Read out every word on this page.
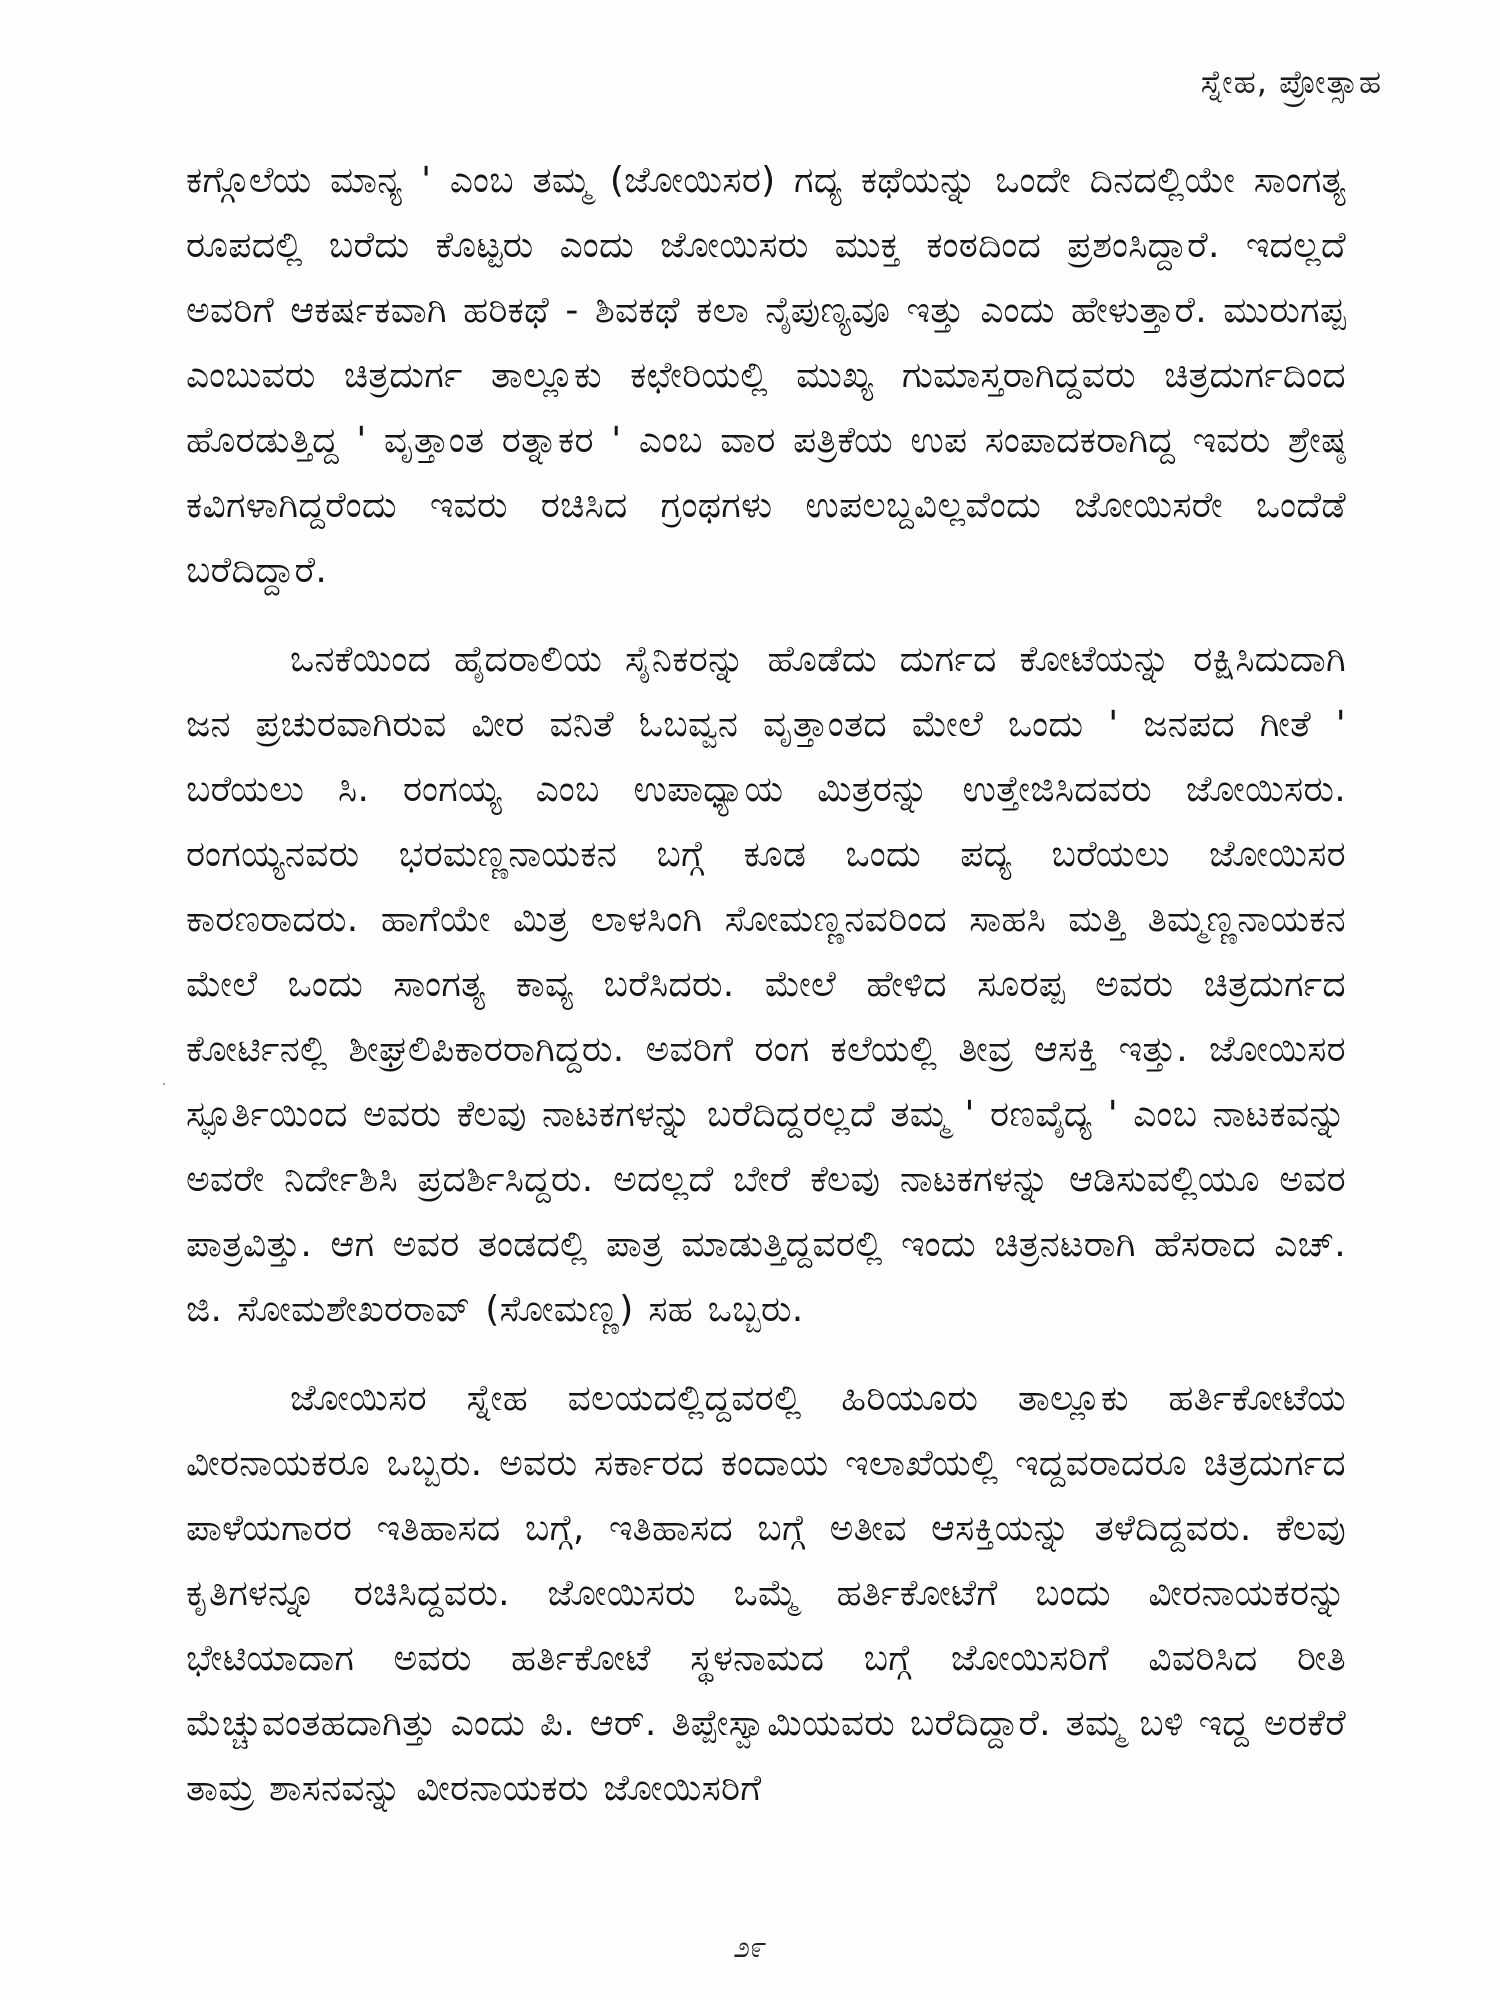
ಸ್ನೇಹ, ಪ್ರೋತ್ಸಾಹ

ಕಗ್ಗೊಲೆಯ ಮಾನ್ಯ ' ಎಂಬ ತಮ್ಮ (ಜೋಯಿಸರ) ಗದ್ಯ ಕಥೆಯನ್ನು ಒಂದೇ ದಿನದಲ್ಲಿಯೇ ಸಾಂಗತ್ಯ ರೂಪದಲ್ಲಿ ಬರೆದು ಕೊಟ್ಟರು ಎಂದು ಜೋಯಿಸರು ಮುಕ್ತ ಕಂಠದಿಂದ ಪ್ರಶಂಸಿದ್ದಾರೆ. ಇದಲ್ಲದೆ ಅವರಿಗೆ ಆಕರ್ಷಕವಾಗಿ ಹರಿಕಥೆ - ಶಿವಕಥೆ ಕಲಾ ನೈಪುಣ್ಯವೂ ಇತ್ತು ಎಂದು ಹೇಳುತ್ತಾರೆ. ಮುರುಗಪ್ಪ ಎಂಬುವರು ಚಿತ್ರದುರ್ಗ ತಾಲ್ಲೂಕು ಕಛೇರಿಯಲ್ಲಿ ಮುಖ್ಯ ಗುಮಾಸ್ತರಾಗಿದ್ದವರು ಚಿತ್ರದುರ್ಗದಿಂದ ಹೊರಡುತ್ತಿದ್ದ ' ವೃತ್ತಾಂತ ರತ್ನಾಕರ ' ಎಂಬ ವಾರ ಪತ್ರಿಕೆಯ ಉಪ ಸಂಪಾದಕರಾಗಿದ್ದ ಇವರು ಶ್ರೇಷ್ಠ ಕವಿಗಳಾಗಿದ್ದರೆಂದು ಇವರು ರಚಿಸಿದ ಗ್ರಂಥಗಳು ಉಪಲಬ್ದವಿಲ್ಲವೆಂದು ಜೋಯಿಸರೇ ಒಂದೆಡೆ ಬರೆದಿದ್ದಾರೆ.

ಒನಕೆಯಿಂದ ಹೈದರಾಲಿಯ ಸೈನಿಕರನ್ನು ಹೊಡೆದು ದುರ್ಗದ ಕೋಟೆಯನ್ನು ರಕ್ಷಿಸಿದುದಾಗಿ ಜನ ಪ್ರಚುರವಾಗಿರುವ ವೀರ ವನಿತೆ ಓಬವ್ವನ ವೃತ್ತಾಂತದ ಮೇಲೆ ಒಂದು ' ಜನಪದ ಗೀತೆ ' ಬರೆಯಲು ಸಿ. ರಂಗಯ್ಯ ಎಂಬ ಉಪಾಧ್ಯಾಯ ಮಿತ್ರರನ್ನು ಉತ್ತೇಜಿಸಿದವರು ಜೋಯಿಸರು. ರಂಗಯ್ಯನವರು ಭರಮಣ್ಣನಾಯಕನ ಬಗ್ಗೆ ಕೂಡ ಒಂದು ಪದ್ಯ ಬರೆಯಲು ಜೋಯಿಸರ ಕಾರಣರಾದರು. ಹಾಗೆಯೇ ಮಿತ್ರ ಲಾಳಸಿಂಗಿ ಸೋಮಣ್ಣನವರಿಂದ ಸಾಹಸಿ ಮತ್ತಿ ತಿಮ್ಮಣ್ಣನಾಯಕನ ಮೇಲೆ ಒಂದು ಸಾಂಗತ್ಯ ಕಾವ್ಯ ಬರೆಸಿದರು. ಮೇಲೆ ಹೇಳಿದ ಸೂರಪ್ಪ ಅವರು ಚಿತ್ರದುರ್ಗದ ಕೋರ್ಟಿನಲ್ಲಿ ಶೀಘ್ರಲಿಪಿಕಾರರಾಗಿದ್ದರು. ಅವರಿಗೆ ರಂಗ ಕಲೆಯಲ್ಲಿ ತೀವ್ರ ಆಸಕ್ತಿ ಇತ್ತು. ಜೋಯಿಸರ ಸ್ಫೂರ್ತಿಯಿಂದ ಅವರು ಕೆಲವು ನಾಟಕಗಳನ್ನು ಬರೆದಿದ್ದರಲ್ಲದೆ ತಮ್ಮ ' ರಣವೈದ್ಯ ' ಎಂಬ ನಾಟಕವನ್ನು ಅವರೇ ನಿರ್ದೇಶಿಸಿ ಪ್ರದರ್ಶಿಸಿದ್ದರು. ಅದಲ್ಲದೆ ಬೇರೆ ಕೆಲವು ನಾಟಕಗಳನ್ನು ಆಡಿಸುವಲ್ಲಿಯೂ ಅವರ ಪಾತ್ರವಿತ್ತು. ಆಗ ಅವರ ತಂಡದಲ್ಲಿ ಪಾತ್ರ ಮಾಡುತ್ತಿದ್ದವರಲ್ಲಿ ಇಂದು ಚಿತ್ರನಟರಾಗಿ ಹೆಸರಾದ ಎಚ್. ಜಿ. ಸೋಮಶೇಖರರಾವ್ (ಸೋಮಣ್ಣ) ಸಹ ಒಬ್ಬರು.

ಜೋಯಿಸರ ಸ್ನೇಹ ವಲಯದಲ್ಲಿದ್ದವರಲ್ಲಿ ಹಿರಿಯೂರು ತಾಲ್ಲೂಕು ಹರ್ತಿಕೋಟೆಯ ವೀರನಾಯಕರೂ ಒಬ್ಬರು. ಅವರು ಸರ್ಕಾರದ ಕಂದಾಯ ಇಲಾಖೆಯಲ್ಲಿ ಇದ್ದವರಾದರೂ ಚಿತ್ರದುರ್ಗದ ಪಾಳೆಯಗಾರರ ಇತಿಹಾಸದ ಬಗ್ಗೆ, ಇತಿಹಾಸದ ಬಗ್ಗೆ ಅತೀವ ಆಸಕ್ತಿಯನ್ನು ತಳೆದಿದ್ದವರು. ಕೆಲವು ಕೃತಿಗಳನ್ನೂ ರಚಿಸಿದ್ದವರು. ಜೋಯಿಸರು ಒಮ್ಮೆ ಹರ್ತಿಕೋಟೆಗೆ ಬಂದು ವೀರನಾಯಕರನ್ನು ಭೇಟಿಯಾದಾಗ ಅವರು ಹರ್ತಿಕೋಟೆ ಸ್ಥಳನಾಮದ ಬಗ್ಗೆ ಜೋಯಿಸರಿಗೆ ವಿವರಿಸಿದ ರೀತಿ ಮೆಚ್ಚುವಂತಹದಾಗಿತ್ತು ಎಂದು ಪಿ. ಆರ್. ತಿಪ್ಪೇಸ್ವಾಮಿಯವರು ಬರೆದಿದ್ದಾರೆ. ತಮ್ಮ ಬಳಿ ಇದ್ದ ಅರಕೆರೆ ತಾಮ್ರ ಶಾಸನವನ್ನು ವೀರನಾಯಕರು ಜೋಯಿಸರಿಗೆ

೨೯
